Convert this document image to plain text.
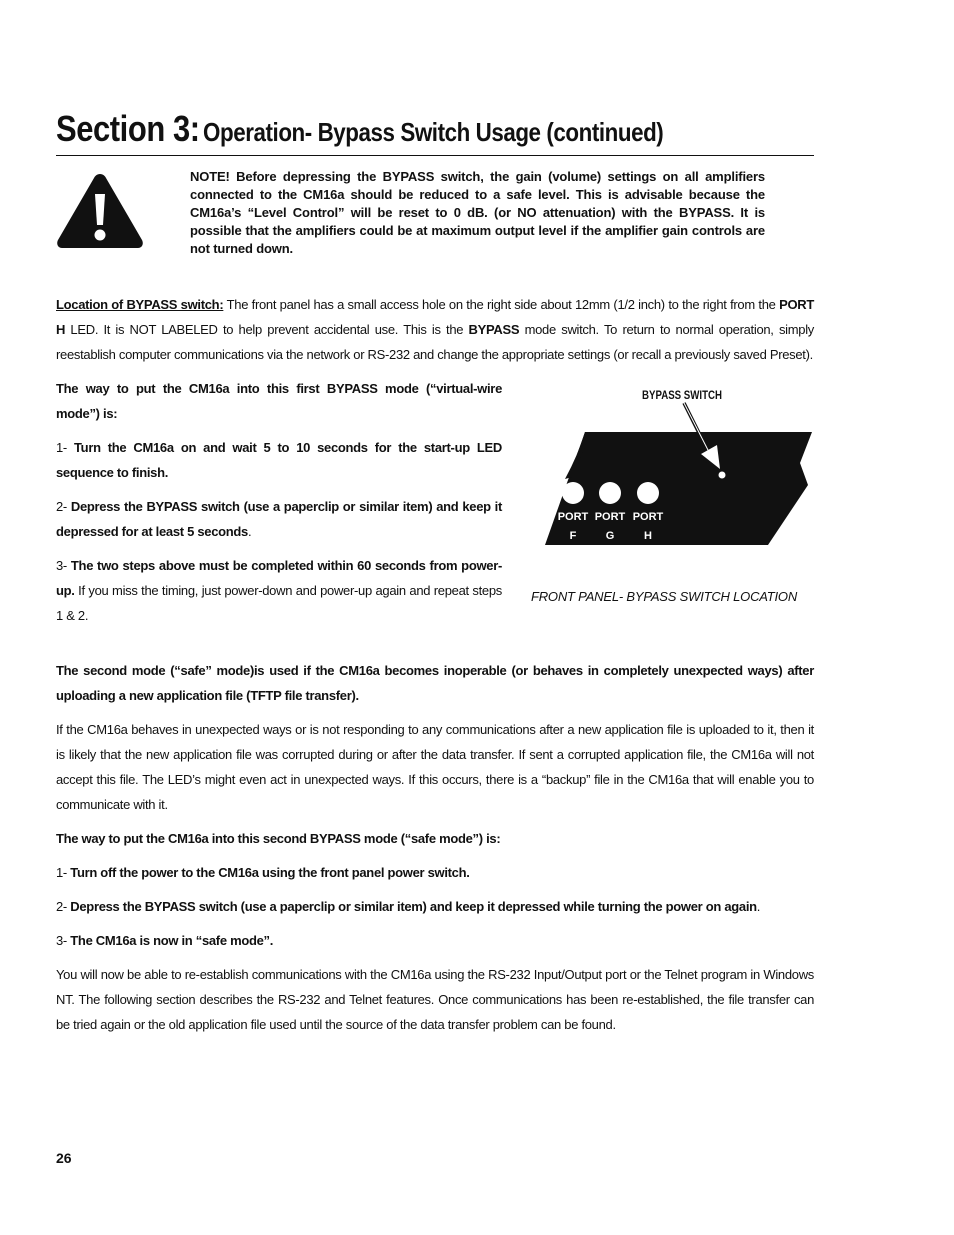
Section 3: Operation- Bypass Switch Usage (continued)
NOTE! Before depressing the BYPASS switch, the gain (volume) settings on all amplifiers connected to the CM16a should be reduced to a safe level. This is advisable because the CM16a’s “Level Control” will be reset to 0 dB. (or NO attenuation) with the BYPASS. It is possible that the amplifiers could be at maximum output level if the amplifier gain controls are not turned down.
Location of BYPASS switch: The front panel has a small access hole on the right side about 12mm (1/2 inch) to the right from the PORT H LED. It is NOT LABELED to help prevent accidental use. This is the BYPASS mode switch. To return to normal operation, simply reestablish computer communications via the network or RS-232 and change the appropriate settings (or recall a previously saved Preset).

The way to put the CM16a into this first BYPASS mode (“virtual-wire mode”) is:

1- Turn the CM16a on and wait 5 to 10 seconds for the start-up LED sequence to finish.

2- Depress the BYPASS switch (use a paperclip or similar item) and keep it depressed for at least 5 seconds.

3- The two steps above must be completed within 60 seconds from power-up. If you miss the timing, just power-down and power-up again and repeat steps 1 & 2.

BYPASS SWITCH
PORT
F
PORT
G
PORT
H
FRONT PANEL- BYPASS SWITCH LOCATION

The second mode (“safe” mode)is used if the CM16a becomes inoperable (or behaves in completely unexpected ways) after uploading a new application file (TFTP file transfer).

If the CM16a behaves in unexpected ways or is not responding to any communications after a new application file is uploaded to it, then it is likely that the new application file was corrupted during or after the data transfer. If sent a corrupted application file, the CM16a will not accept this file. The LED’s might even act in unexpected ways. If this occurs, there is a “backup” file in the CM16a that will enable you to communicate with it.

The way to put the CM16a into this second BYPASS mode (“safe mode”) is:

1- Turn off the power to the CM16a using the front panel power switch.

2- Depress the BYPASS switch (use a paperclip or similar item) and keep it depressed while turning the power on again.

3- The CM16a is now in “safe mode”.

You will now be able to re-establish communications with the CM16a using the RS-232 Input/Output port or the Telnet program in Windows NT. The following section describes the RS-232 and Telnet features. Once communications has been re-established, the file transfer can be tried again or the old application file used until the source of the data transfer problem can be found.

26
